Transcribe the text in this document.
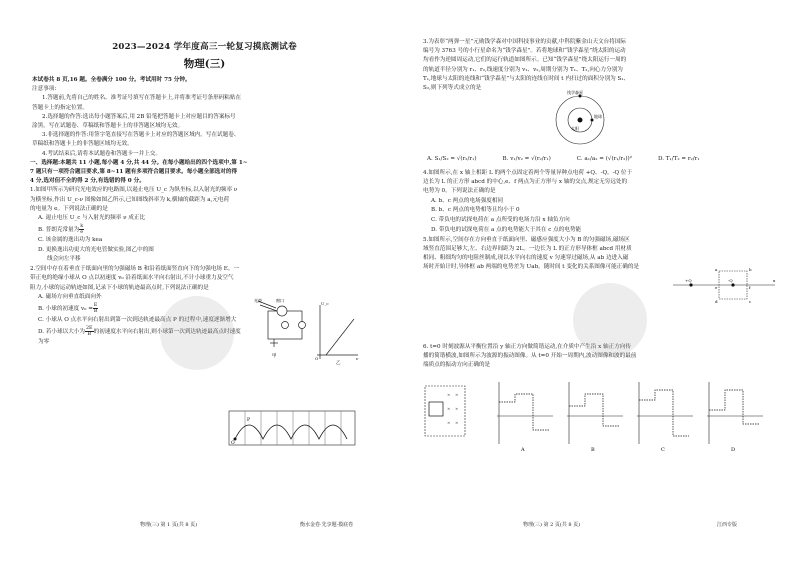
2023—2024 学年度高三一轮复习摸底测试卷
物理(三)
本试卷共 8 页,16 题。全卷满分 100 分。考试用时 75 分钟。
注意事项:
1.答题前,先将自己的姓名、准考证号填写在答题卡上,并将准考证号条形码粘贴在
答题卡上的指定位置。
2.选择题的作答:选出每小题答案后,用 2B 铅笔把答题卡上对应题目的答案标号
涂黑。写在试题卷、草稿纸和答题卡上的非答题区域均无效。
3.非选择题的作答:用签字笔直接写在答题卡上对应的答题区域内。写在试题卷、
草稿纸和答题卡上的非答题区域均无效。
4.考试结束后,请将本试题卷和答题卡一并上交。
一、选择题:本题共 11 小题,每小题 4 分,共 44 分。在每小题给出的四个选项中,第 1~
7 题只有一项符合题目要求,第 8~11 题有多项符合题目要求。每小题全部选对的得
4 分,选对但不全的得 2 分,有选错的得 0 分。
1.如图甲所示为研究光电效应的电路图,以遏止电压 U_c 为纵坐标,以入射光的频率 ν
为横坐标,作出 U_c-ν 图像如图乙所示,已知图线斜率为 k,横轴的截距为 a,元电荷
的电量为 e。下列说法正确的是
A. 遏止电压 U_c 与入射光的频率 ν 成正比
B. 普朗克常量为 $\frac{k}{e}$
C. 该金属的逸出功为 kea
D. 更换逸出功更大的光电管做实验,图乙中的图
线会向左平移
2.空间中存在着垂直于纸面向里的匀强磁场 B 和沿着纸面竖直向下的匀强电场 E。一
带正电的绝缘小球从 O 点以初速度 v₀ 沿着纸面水平向右射出,不计小球重力及空气
阻力,小球的运动轨迹如图,记录下小球的轨迹最高点时,下列说法正确的是
A. 磁场方向垂直纸面向外
B. 小球的初速度 $v_0 = \frac{E}{B}$
C. 小球从 O 点水平向右射出到第一次到达轨迹最高点 P 的过程中,速度逐渐增大
D. 若小球以大小为 $\frac{2E}{B}$ 的初速度水平向右射出,则小球第一次到达轨迹最高点时速度
为零
光束	窗口
甲
乙
U_c
ν
O
O
P
物理(三) 第 1 页(共 8 页)	衡水金卷·先享题·摸底卷
3.为表彰“两弹一星”元勋钱学森对中国科技事业的贡献,中科院紫金山天文台将国际
编号为 3763 号的小行星命名为“钱学森星”。若将地球和“钱学森星”绕太阳的运动
均看作为逆圆周运动,它们的运行轨道如图所示。已知“钱学森星”绕太阳运行一周的
的轨道半径分别为 r₁、r₂,线速度分别为 v₁、v₂,周期分别为 T₁、T₂,向心力分别为
T₁,地球与太阳的连线和“钱学森星”与太阳的连线在时间 t 内扫过的面积分别为 S₁、
S₂,则下列等式成立的是
A. S₁/S₂ = √(r₂/r₁)	B. v₁/v₂ = √(r₂/r₁)	C. a₁/a₂ = (√(r₁/r₂))²	D. T₁/T₂ = r₂/r₁
4.如图所示,在 x 轴上相距 L 的两个点固定着两个等量异种点电荷 +Q、-Q。-Q 位于
边长为 L 的正方形 abcd 的中心,e、f 两点为正方形与 x 轴的交点,规定无穷远处的
电势为 0。下列说法正确的是
A. b、c 两点的电场强度相同
B. b、c 两点的电势相等且均小于 0
C. 带负电的试探电荷在 a 点所受的电场力沿 x 轴负方向
D. 带负电的试探电荷在 a 点的电势能大于其在 c 点的电势能
5.如图所示,空间存在方向垂直于纸面向里、磁感应强度大小为 B 的匀强磁场,磁场区
域竖直范围足够大,左、右边界间距为 2L。一边长为 L 的正方形导体框 abcd 用材质
相同、粗细均匀的电阻丝制成,现以水平向右的速度 v 匀速穿过磁场,从 ab 边进入磁
场时开始计时,导体框 ab 两端的电势差为 Uab。随时间 t 变化的关系图像可能正确的是
6. t=0 时刻波源从平衡位置沿 y 轴正方向做简谐运动,在介质中产生沿 x 轴正方向传
播的简谐横波,如图所示为波源的振动图像。从 t=0 开始一周期内,波动图像和波的最前
端质点的振动方向正确的是
钱学森星
太阳
地球
+Q	-Q	x
a	b
c
d
e	f
× ×
× ×
× ×
A	B	C	D
物理(三) 第 2 页(共 8 页)	江西专版
